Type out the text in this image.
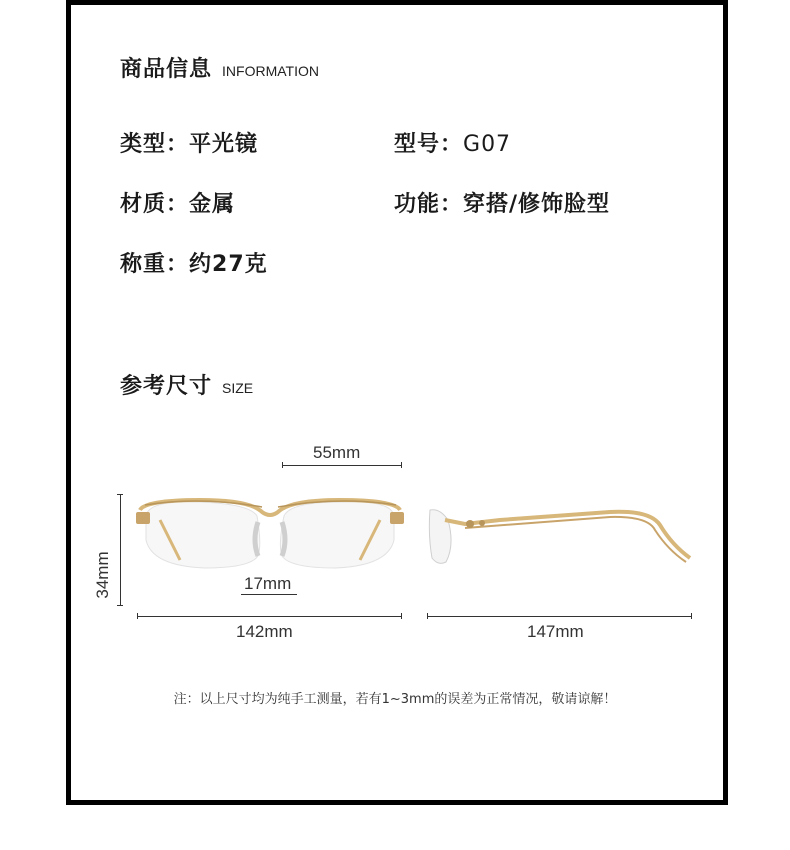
商品信息 INFORMATION
类型：平光镜	型号：G07
材质：金属	功能：穿搭/修饰脸型
称重：约27克
参考尺寸 SIZE
55mm
17mm
34mm
142mm	147mm
注：以上尺寸均为纯手工测量，若有1~3mm的误差为正常情况，敬请谅解！
